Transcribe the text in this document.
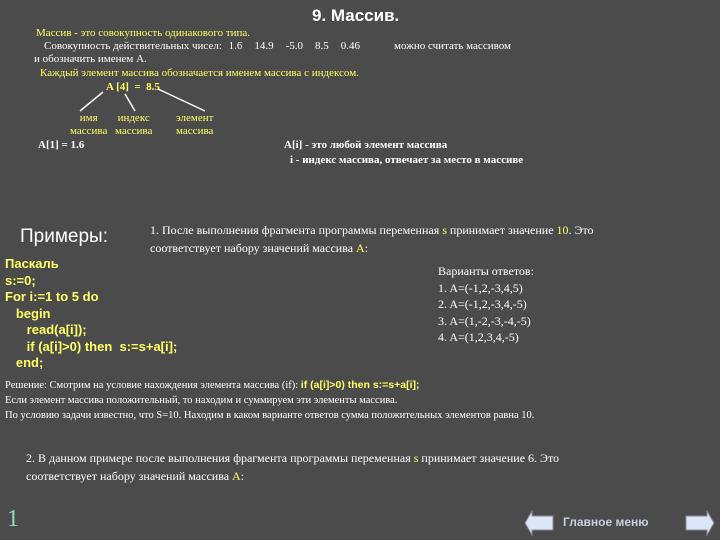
9. Массив.
Массив - это совокупность одинакового типа.
Совокупность действительных чисел: 1.6 14.9 -5.0 8.5 0.46	можно считать массивом
и обозначить именем А.
Каждый элемент массива обозначается именем массива с индексом.
A [4]  =  8.5
имя
массива
индекс
массива
элемент
массива
A[1] = 1.6	A[i] - это любой элемент массива
i - индекс массива, отвечает за место в массиве
Примеры:	1. После выполнения фрагмента программы переменная s принимает значение 10. Это
соответствует набору значений массива A:
Паскаль
s:=0;
For i:=1 to 5 do
begin
read(a[i]);
if (a[i]>0) then  s:=s+a[i];
end;
Варианты ответов:
1. A=(-1,2,-3,4,5)
2. A=(-1,2,-3,4,-5)
3. A=(1,-2,-3,-4,-5)
4. A=(1,2,3,4,-5)
Решение: Смотрим на условие нахождения элемента массива (if): if (a[i]>0) then s:=s+a[i];
Если элемент массива положительный, то находим и суммируем эти элементы массива.
По условию задачи известно, что S=10. Находим в каком варианте ответов сумма положительных элементов равна 10.
2. В данном примере после выполнения фрагмента программы переменная s принимает значение 6. Это
соответствует набору значений массива A:
1	Главное меню
